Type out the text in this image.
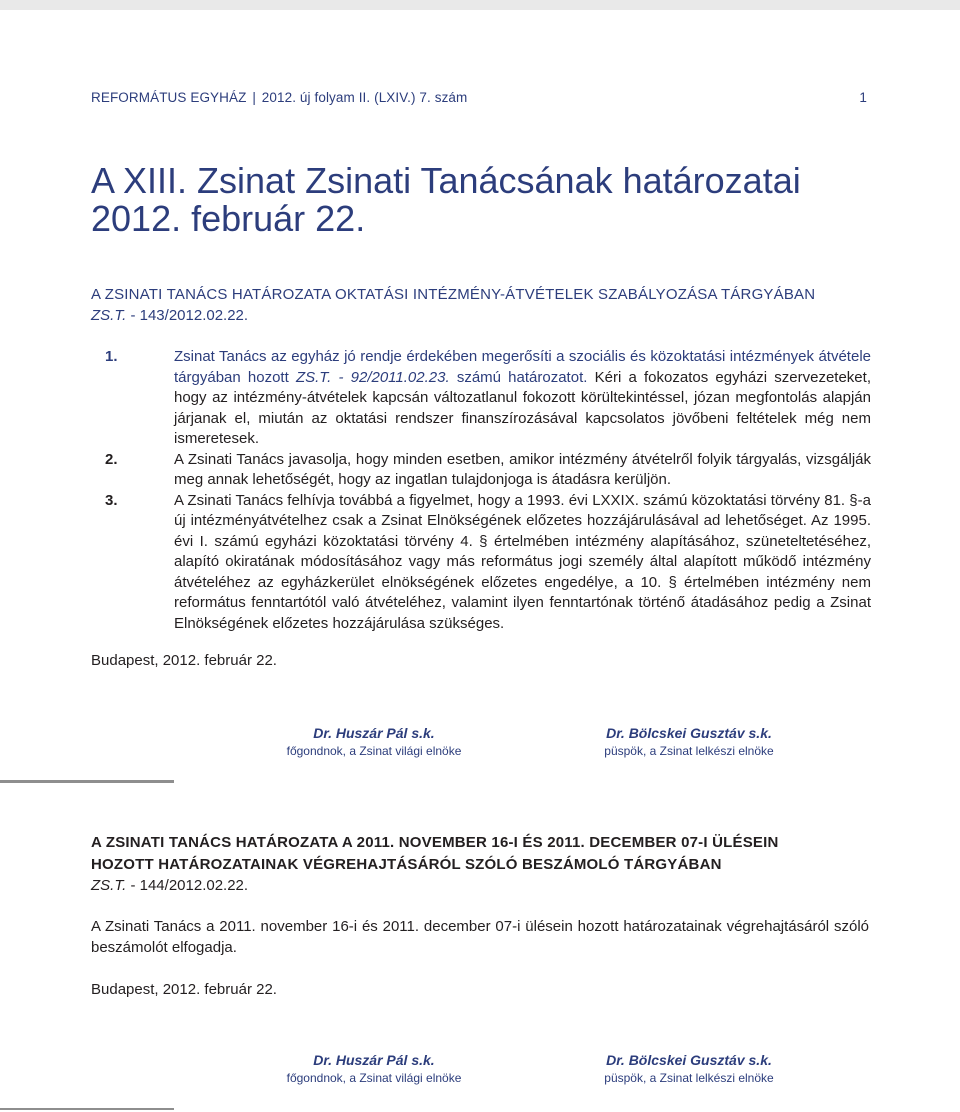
REFORMÁTUS EGYHÁZ | 2012. új folyam II. (LXIV.) 7. szám	1
A XIII. Zsinat Zsinati Tanácsának határozatai
2012. február 22.
A ZSINATI TANÁCS HATÁROZATA OKTATÁSI INTÉZMÉNY-ÁTVÉTELEK SZABÁLYOZÁSA TÁRGYÁBAN
ZS.T. - 143/2012.02.22.
1.	Zsinat Tanács az egyház jó rendje érdekében megerősíti a szociális és közoktatási intézmények átvétele tárgyában hozott ZS.T. - 92/2011.02.23. számú határozatot. Kéri a fokozatos egyházi szervezeteket, hogy az intézmény-átvételek kapcsán változatlanul fokozott körültekintéssel, józan megfontolás alapján járjanak el, miután az oktatási rendszer finanszírozásával kapcsolatos jövőbeni feltételek még nem ismeretesek.
2.	A Zsinati Tanács javasolja, hogy minden esetben, amikor intézmény átvételről folyik tárgyalás, vizsgálják meg annak lehetőségét, hogy az ingatlan tulajdonjoga is átadásra kerüljön.
3.	A Zsinati Tanács felhívja továbbá a figyelmet, hogy a 1993. évi LXXIX. számú közoktatási törvény 81. §-a új intézményátvételhez csak a Zsinat Elnökségének előzetes hozzájárulásával ad lehetőséget. Az 1995. évi I. számú egyházi közoktatási törvény 4. § értelmében intézmény alapításához, szüneteltetéséhez, alapító okiratának módosításához vagy más református jogi személy által alapított működő intézmény átvételéhez az egyházkerület elnökségének előzetes engedélye, a 10. § értelmében intézmény nem református fenntartótól való átvételéhez, valamint ilyen fenntartónak történő átadásához pedig a Zsinat Elnökségének előzetes hozzájárulása szükséges.
Budapest, 2012. február 22.
Dr. Huszár Pál s.k.
főgondnok, a Zsinat világi elnöke
Dr. Bölcskei Gusztáv s.k.
püspök, a Zsinat lelkészi elnöke
A ZSINATI TANÁCS HATÁROZATA A 2011. NOVEMBER 16-I ÉS 2011. DECEMBER 07-I ÜLÉSEIN
HOZOTT HATÁROZATAINAK VÉGREHAJTÁSÁRÓL SZÓLÓ BESZÁMOLÓ TÁRGYÁBAN
ZS.T. - 144/2012.02.22.

A Zsinati Tanács a 2011. november 16-i és 2011. december 07-i ülésein hozott határozatainak végrehajtásáról szóló beszámolót elfogadja.

Budapest, 2012. február 22.
Dr. Huszár Pál s.k.
főgondnok, a Zsinat világi elnöke
Dr. Bölcskei Gusztáv s.k.
püspök, a Zsinat lelkészi elnöke
